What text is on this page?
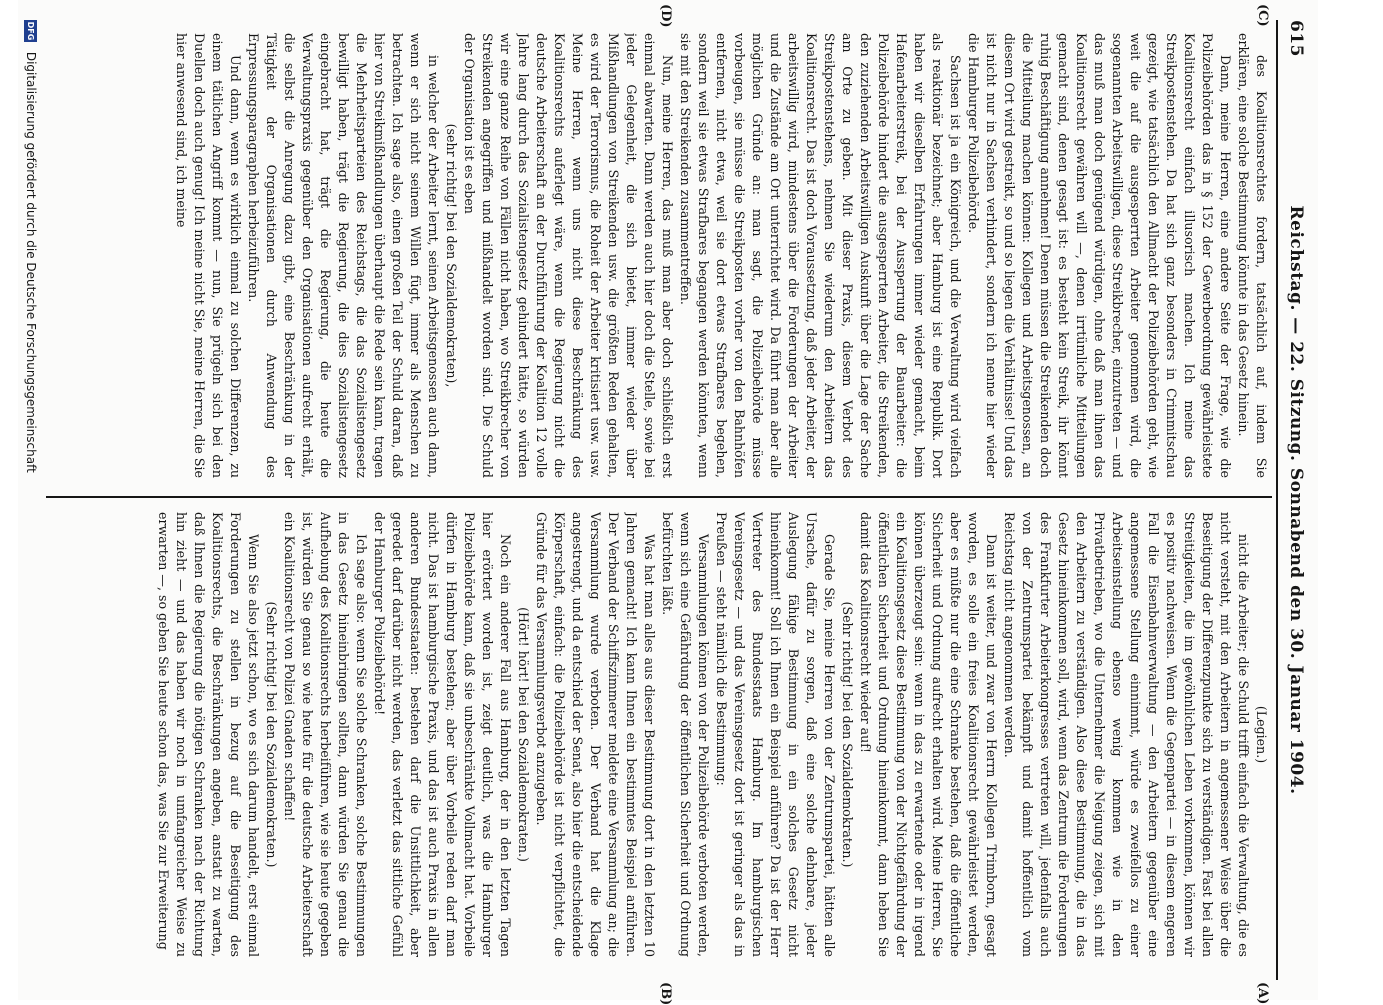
615
Reichstag. — 22. Sitzung. Sonnabend den 30. Januar 1904.
(C)
(D)
(A)
(B)

des Koalitionsrechtes fordern, tatsächlich auf, indem Sie erklären, eine solche Bestimmung könnte in das Gesetz hinein.

Dann, meine Herren, eine andere Seite der Frage, wie die Polizeibehörden das in § 152 der Gewerbeordnung gewährleistete Koalitionsrecht einfach illusorisch machen. Ich meine das Streikpostenstehen. Da hat sich ganz besonders in Crimmitschau gezeigt, wie tatsächlich den Allmacht der Polizeibehörden geht, wie weit die auf die ausgesperrten Arbeiter genommen wird, die sogenannten Arbeitswilligen, diese Streikbrecher, einzutreten — und das muß man doch genügend würdigen, ohne daß man ihnen das Koalitionsrecht gewähren will —, denen irrtümliche Mitteilungen gemacht sind, denen gesagt ist: es besteht kein Streik, ihr könnt ruhig Beschäftigung annehmen! Denen müssen die Streikenden doch die Mitteilung machen können: Kollegen und Arbeitsgenossen, an diesem Ort wird gestreikt, so und so liegen die Verhältnisse! Und das ist nicht nur in Sachsen verhindert, sondern ich nenne hier wieder die Hamburger Polizeibehörde.

Sachsen ist ja ein Königreich, und die Verwaltung wird vielfach als reaktionär bezeichnet; aber Hamburg ist eine Republik. Dort haben wir dieselben Erfahrungen immer wieder gemacht, beim Hafenarbeiterstreik, bei der Aussperrung der Bauarbeiter: die Polizeibehörde hindert die ausgesperrten Arbeiter, die Streikenden, den zuziehenden Arbeitswilligen Auskunft über die Lage der Sache am Orte zu geben. Mit dieser Praxis, diesem Verbot des Streikpostenstehens, nehmen Sie wiederum den Arbeitern das Koalitionsrecht. Das ist doch Voraussetzung, daß jeder Arbeiter, der arbeitswillig wird, mindestens über die Forderungen der Arbeiter und die Zustände am Ort unterrichtet wird. Da führt man aber alle möglichen Gründe an: man sagt, die Polizeibehörde müsse vorbeugen, sie müsse die Streikposten vorher von den Bahnhöfen entfernen, nicht etwa, weil sie dort etwas Strafbares begehen, sondern weil sie etwas Strafbares begangen werden könnten, wenn sie mit den Streikenden zusammentreffen.

Nun, meine Herren, das muß man aber doch schließlich erst einmal abwarten. Dann werden auch hier doch die Stelle, sowie bei jeder Gelegenheit, die sich bietet, immer wieder über Mißhandlungen von Streikenden usw. die größten Reden gehalten, es wird der Terrorismus, die Roheit der Arbeiter kritisiert usw. usw. Meine Herren, wenn uns nicht diese Beschränkung des Koalitionsrechts auferlegt wäre, wenn die Regierung nicht die deutsche Arbeiterschaft an der Durchführung der Koalition 12 volle Jahre lang durch das Sozialistengesetz gehindert hätte, so würden wir eine ganze Reihe von Fällen nicht haben, wo Streikbrecher von Streikenden angegriffen und mißhandelt worden sind. Die Schuld der Organisation ist es eben

(sehr richtig! bei den Sozialdemokraten),

in welcher der Arbeiter lernt, seinen Arbeitsgenossen auch dann, wenn er sich nicht seinem Willen fügt, immer als Menschen zu betrachten. Ich sage also, einen großen Teil der Schuld daran, daß hier von Streikmißhandlungen überhaupt die Rede sein kann, tragen die Mehrheitsparteien des Reichstags, die das Sozialistengesetz bewilligt haben, trägt die Regierung, die dies Sozialistengesetz eingebracht hat, trägt die Regierung, die heute die Verwaltungspraxis gegenüber den Organisationen aufrecht erhält, die selbst die Anregung dazu gibt, eine Beschränkung in der Tätigkeit der Organisationen durch Anwendung des Erpressungsparagraphen herbeizuführen.

Und dann, wenn es wirklich einmal zu solchen Differenzen, zu einem tätlichen Angriff kommt — nun, Sie prügeln sich bei den Duellen doch auch genug! Ich meine nicht Sie, meine Herren, die Sie hier anwesend sind, ich meine

(Legien.)

nicht die Arbeiter; die Schuld trifft einfach die Verwaltung, die es nicht versteht, mit den Arbeitern in angemessener Weise über die Beseitigung der Differenzpunkte sich zu verständigen. Fast bei allen Streitigkeiten, die im gewöhnlichen Leben vorkommen, können wir es positiv nachweisen. Wenn die Gegenpartei — in diesem engeren Fall die Eisenbahnverwaltung — den Arbeitern gegenüber eine angemessene Stellung einnimmt, würde es zweifellos zu einer Arbeitseinstellung ebenso wenig kommen wie in den Privatbetrieben, wo die Unternehmer die Neigung zeigen, sich mit den Arbeitern zu verständigen. Also diese Bestimmung, die in das Gesetz hineinkommen soll, wird, wenn das Zentrum die Forderungen des Frankfurter Arbeiterkongresses vertreten will, jedenfalls auch von der Zentrumspartei bekämpft und damit hoffentlich vom Reichstag nicht angenommen werden.

Dann ist weiter, und zwar von Herrn Kollegen Trimborn, gesagt worden, es solle ein freies Koalitionsrecht gewährleistet werden, aber es müßte nur die eine Schranke bestehen, daß die öffentliche Sicherheit und Ordnung aufrecht erhalten wird. Meine Herren, Sie können überzeugt sein: wenn in das zu erwartende oder in irgend ein Koalitionsgesetz diese Bestimmung von der Nichtgefährdung der öffentlichen Sicherheit und Ordnung hineinkommt, dann heben Sie damit das Koalitionsrecht wieder auf!

(Sehr richtig! bei den Sozialdemokraten.)

Gerade Sie, meine Herren von der Zentrumspartei, hätten alle Ursache, dafür zu sorgen, daß eine solche dehnbare, jeder Auslegung fähige Bestimmung in ein solches Gesetz nicht hineinkommt! Soll ich Ihnen ein Beispiel anführen? Da ist der Herr Vertreter des Bundesstaats Hamburg. Im hamburgischen Vereinsgesetz — und das Vereinsgesetz dort ist geringer als das in Preußen — steht nämlich die Bestimmung:

Versammlungen können von der Polizeibehörde verboten werden, wenn sich eine Gefährdung der öffentlichen Sicherheit und Ordnung befürchten läßt.

Was hat man alles aus dieser Bestimmung dort in den letzten 10 Jahren gemacht! Ich kann Ihnen ein bestimmtes Beispiel anführen. Der Verband der Schiffszimmerer meldete eine Versammlung an; die Versammlung wurde verboten. Der Verband hat die Klage angestrengt, und da entschied der Senat, also hier die entscheidende Körperschaft, einfach: die Polizeibehörde ist nicht verpflichtet, die Gründe für das Versammlungsverbot anzugeben.

(Hört! hört! bei den Sozialdemokraten.)

Noch ein anderer Fall aus Hamburg, der in den letzten Tagen hier erörtert worden ist, zeigt deutlich, was die Hamburger Polizeibehörde kann, daß sie unbeschränkte Vollmacht hat. Vorbeile dürfen in Hamburg bestehen; aber über Vorbeile reden darf man nicht. Das ist hamburgische Praxis, und das ist auch Praxis in allen anderen Bundesstaaten: bestehen darf die Unsittlichkeit, aber geredet darf darüber nicht werden, das verletzt das sittliche Gefühl der Hamburger Polizeibehörde!

Ich sage also: wenn Sie solche Schranken, solche Bestimmungen in das Gesetz hineinbringen sollten, dann würden Sie genau die Aufhebung des Koalitionsrechts herbeiführen, wie sie heute gegeben ist, würden Sie genau so wie heute für die deutsche Arbeiterschaft ein Koalitionsrecht von Polizei Gnaden schaffen!

(Sehr richtig! bei den Sozialdemokraten.)

Wenn Sie also jetzt schon, wo es sich darum handelt, erst einmal Forderungen zu stellen in bezug auf die Beseitigung des Koalitionsrechts, die Beschränkungen angeben, anstatt zu warten, daß Ihnen die Regierung die nötigen Schranken nach der Richtung hin zieht — und das haben wir noch in umfangreicher Weise zu erwarten —, so geben Sie heute schon das, was Sie zur Erweiterung

DFG Digitalisierung gefördert durch die Deutsche Forschungsgemeinschaft
